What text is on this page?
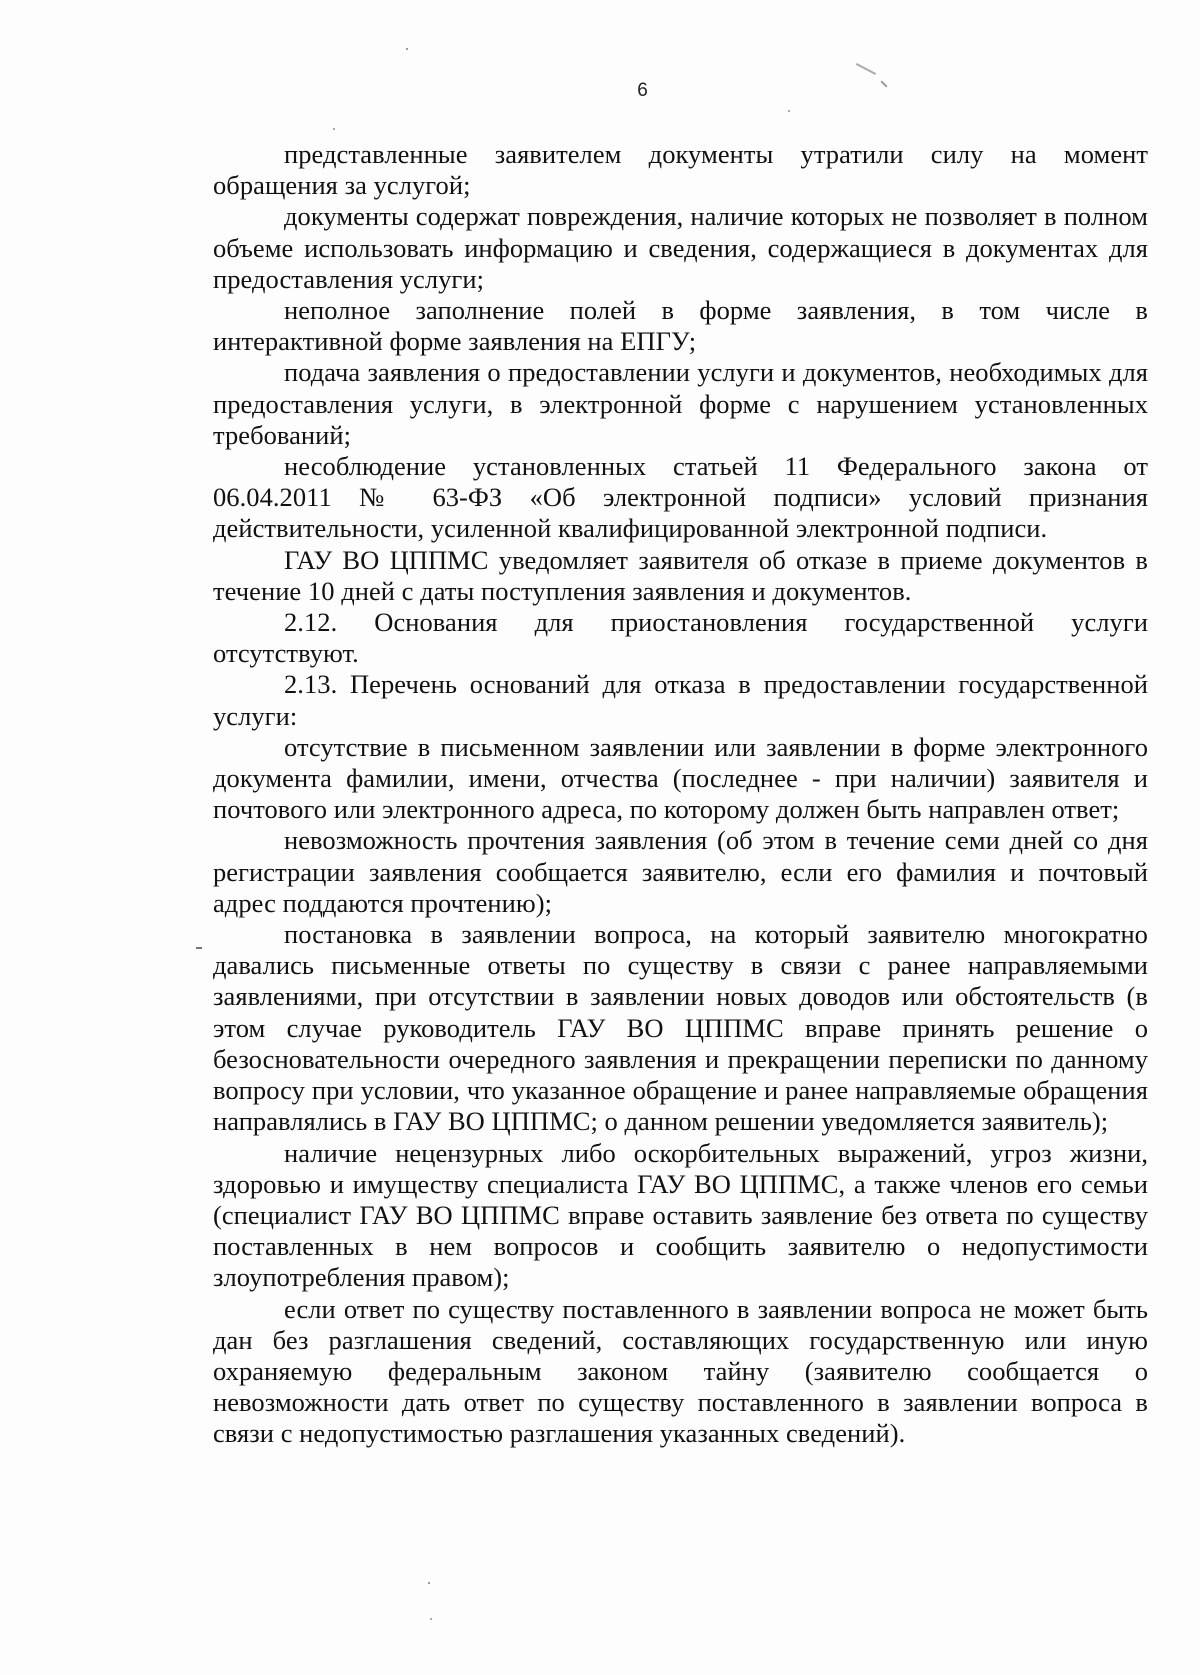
6

представленные заявителем документы утратили силу на момент обращения за услугой;

документы содержат повреждения, наличие которых не позволяет в полном объеме использовать информацию и сведения, содержащиеся в документах для предоставления услуги;

неполное заполнение полей в форме заявления, в том числе в интерактивной форме заявления на ЕПГУ;

подача заявления о предоставлении услуги и документов, необходимых для предоставления услуги, в электронной форме с нарушением установленных требований;

несоблюдение установленных статьей 11 Федерального закона от 06.04.2011 № 63-ФЗ «Об электронной подписи» условий признания действительности, усиленной квалифицированной электронной подписи.

ГАУ ВО ЦППМС уведомляет заявителя об отказе в приеме документов в течение 10 дней с даты поступления заявления и документов.

2.12. Основания для приостановления государственной услуги отсутствуют.

2.13. Перечень оснований для отказа в предоставлении государственной услуги:

отсутствие в письменном заявлении или заявлении в форме электронного документа фамилии, имени, отчества (последнее - при наличии) заявителя и почтового или электронного адреса, по которому должен быть направлен ответ;

невозможность прочтения заявления (об этом в течение семи дней со дня регистрации заявления сообщается заявителю, если его фамилия и почтовый адрес поддаются прочтению);

постановка в заявлении вопроса, на который заявителю многократно давались письменные ответы по существу в связи с ранее направляемыми заявлениями, при отсутствии в заявлении новых доводов или обстоятельств (в этом случае руководитель ГАУ ВО ЦППМС вправе принять решение о безосновательности очередного заявления и прекращении переписки по данному вопросу при условии, что указанное обращение и ранее направляемые обращения направлялись в ГАУ ВО ЦППМС; о данном решении уведомляется заявитель);

наличие нецензурных либо оскорбительных выражений, угроз жизни, здоровью и имуществу специалиста ГАУ ВО ЦППМС, а также членов его семьи (специалист ГАУ ВО ЦППМС вправе оставить заявление без ответа по существу поставленных в нем вопросов и сообщить заявителю о недопустимости злоупотребления правом);

если ответ по существу поставленного в заявлении вопроса не может быть дан без разглашения сведений, составляющих государственную или иную охраняемую федеральным законом тайну (заявителю сообщается о невозможности дать ответ по существу поставленного в заявлении вопроса в связи с недопустимостью разглашения указанных сведений).
